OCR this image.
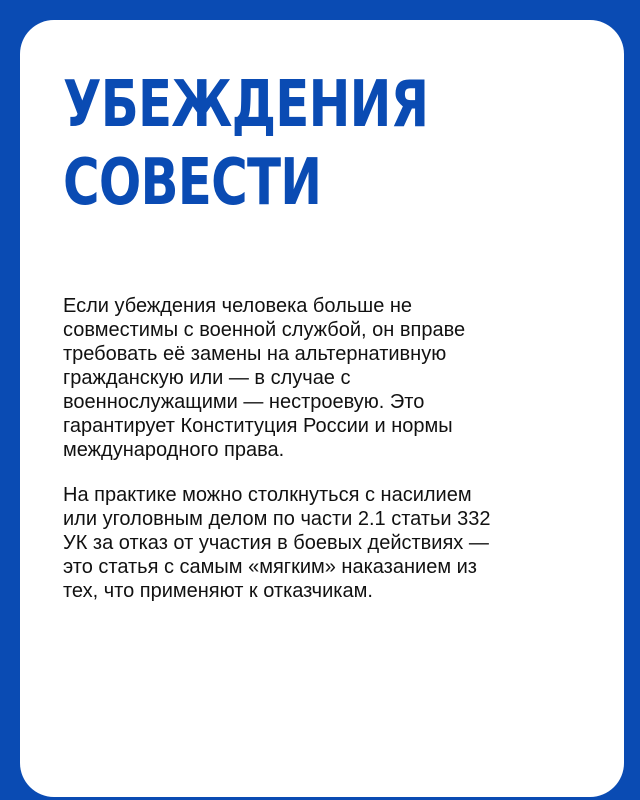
УБЕЖДЕНИЯ
СОВЕСТИ
Если убеждения человека больше не
совместимы с военной службой, он вправе
требовать её замены на альтернативную
гражданскую или — в случае с
военнослужащими — нестроевую. Это
гарантирует Конституция России и нормы
международного права.
На практике можно столкнуться с насилием
или уголовным делом по части 2.1 статьи 332
УК за отказ от участия в боевых действиях —
это статья с самым «мягким» наказанием из
тех, что применяют к отказчикам.
